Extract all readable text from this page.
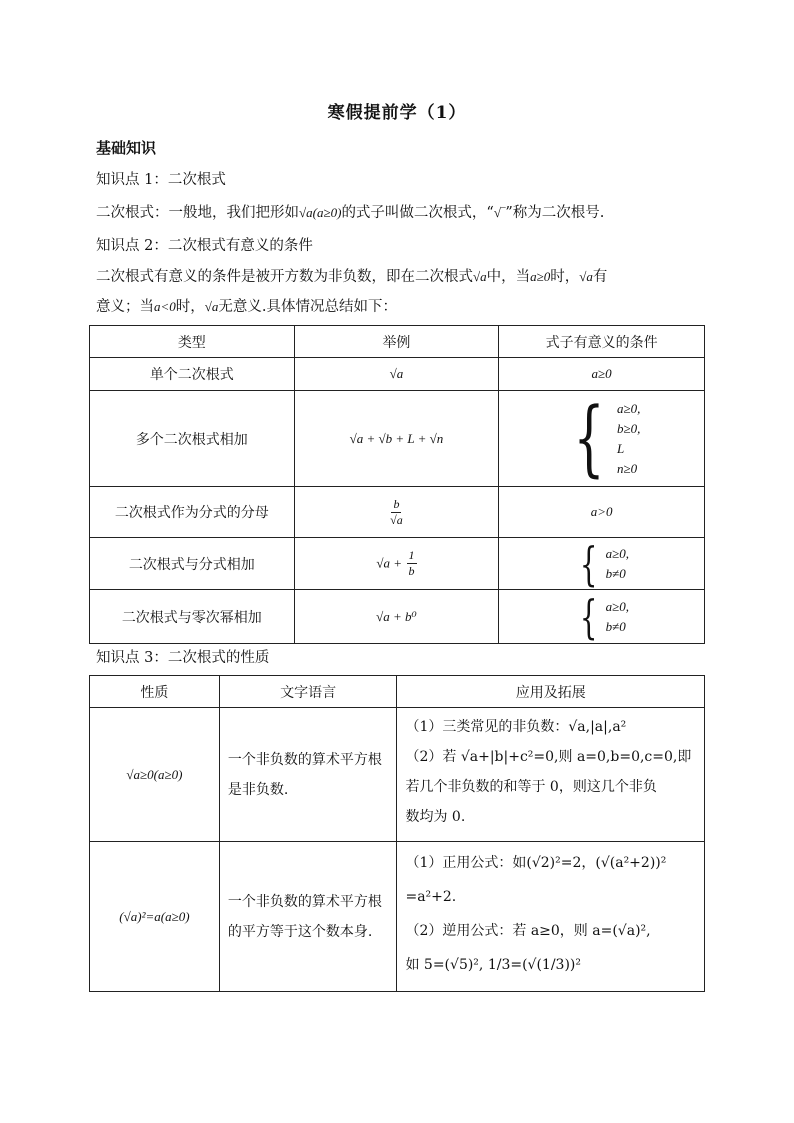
寒假提前学（1）
基础知识
知识点 1：二次根式
二次根式：一般地，我们把形如√a(a≥0)的式子叫做二次根式，“√‾”称为二次根号.
知识点 2：二次根式有意义的条件
二次根式有意义的条件是被开方数为非负数，即在二次根式√a中，当a≥0时，√a有
意义；当a<0时，√a无意义.具体情况总结如下：
类型	举例	式子有意义的条件
单个二次根式	√a	a≥0
多个二次根式相加	√a + √b + L + √n	{ a≥0,
b≥0,
L
n≥0

二次根式作为分式的分母	$\frac{b}{√a}$	a>0
二次根式与分式相加	$√a + \frac{1}{b}$	{ a≥0,
b≠0

二次根式与零次幂相加	√a + b⁰	{ a≥0,
b≠0
知识点 3：二次根式的性质
性质	文字语言	应用及拓展
√a≥0(a≥0)	一个非负数的算术平方根是非负数.	（1）三类常见的非负数：√a,|a|,a²
（2）若 √a+|b|+c²=0,则 a=0,b=0,c=0,即
若几个非负数的和等于 0，则这几个非负
数均为 0.

(√a)²=a(a≥0)	一个非负数的算术平方根的平方等于这个数本身.	（1）正用公式：如(√2)²=2，(√(a²+2))²
=a²+2.
（2）逆用公式：若 a≥0，则 a=(√a)²,
如 5=(√5)², 1/3=(√(1/3))²
